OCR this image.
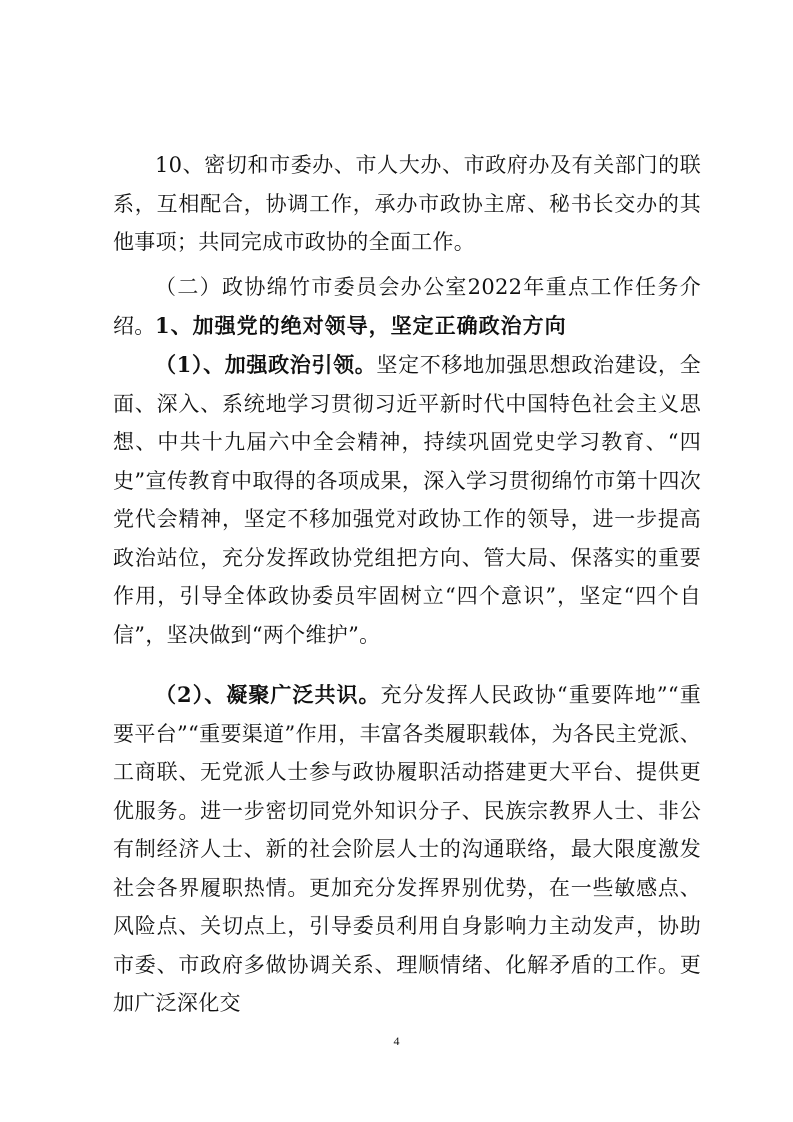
10、密切和市委办、市人大办、市政府办及有关部门的联系，互相配合，协调工作，承办市政协主席、秘书长交办的其他事项；共同完成市政协的全面工作。

（二）政协绵竹市委员会办公室2022年重点工作任务介绍。 1、加强党的绝对领导，坚定正确政治方向

（1）、加强政治引领。坚定不移地加强思想政治建设，全面、深入、系统地学习贯彻习近平新时代中国特色社会主义思想、中共十九届六中全会精神，持续巩固党史学习教育、“四史”宣传教育中取得的各项成果，深入学习贯彻绵竹市第十四次党代会精神，坚定不移加强党对政协工作的领导，进一步提高政治站位，充分发挥政协党组把方向、管大局、保落实的重要作用，引导全体政协委员牢固树立“四个意识”，坚定“四个自信”，坚决做到“两个维护”。

（2）、凝聚广泛共识。充分发挥人民政协“重要阵地”“重要平台”“重要渠道”作用，丰富各类履职载体，为各民主党派、工商联、无党派人士参与政协履职活动搭建更大平台、提供更优服务。进一步密切同党外知识分子、民族宗教界人士、非公有制经济人士、新的社会阶层人士的沟通联络，最大限度激发社会各界履职热情。更加充分发挥界别优势，在一些敏感点、风险点、关切点上，引导委员利用自身影响力主动发声，协助市委、市政府多做协调关系、理顺情绪、化解矛盾的工作。更加广泛深化交

4
